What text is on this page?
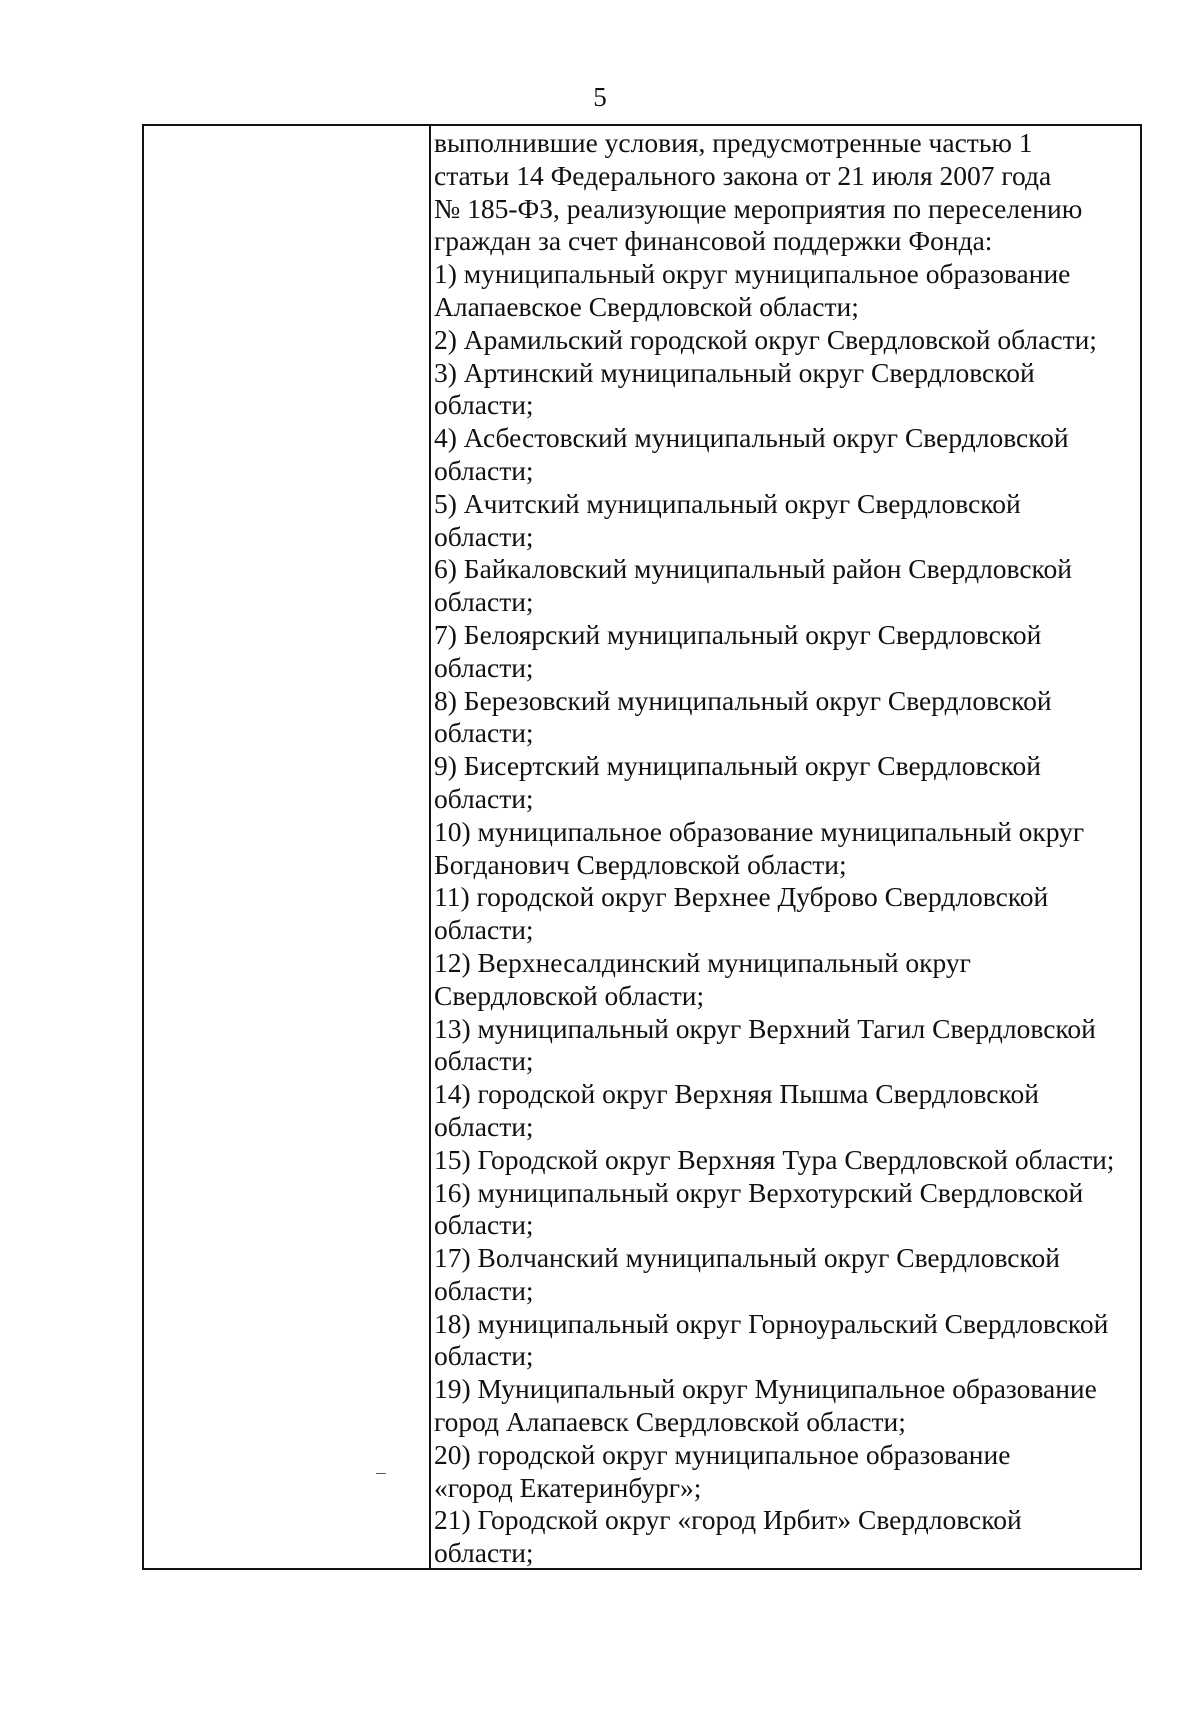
5
выполнившие условия, предусмотренные частью 1
статьи 14 Федерального закона от 21 июля 2007 года
№ 185-ФЗ, реализующие мероприятия по переселению
граждан за счет финансовой поддержки Фонда:
1) муниципальный округ муниципальное образование
Алапаевское Свердловской области;
2) Арамильский городской округ Свердловской области;
3) Артинский муниципальный округ Свердловской
области;
4) Асбестовский муниципальный округ Свердловской
области;
5) Ачитский муниципальный округ Свердловской
области;
6) Байкаловский муниципальный район Свердловской
области;
7) Белоярский муниципальный округ Свердловской
области;
8) Березовский муниципальный округ Свердловской
области;
9) Бисертский муниципальный округ Свердловской
области;
10) муниципальное образование муниципальный округ
Богданович Свердловской области;
11) городской округ Верхнее Дуброво Свердловской
области;
12) Верхнесалдинский муниципальный округ
Свердловской области;
13) муниципальный округ Верхний Тагил Свердловской
области;
14) городской округ Верхняя Пышма Свердловской
области;
15) Городской округ Верхняя Тура Свердловской области;
16) муниципальный округ Верхотурский Свердловской
области;
17) Волчанский муниципальный округ Свердловской
области;
18) муниципальный округ Горноуральский Свердловской
области;
19) Муниципальный округ Муниципальное образование
город Алапаевск Свердловской области;
20) городской округ муниципальное образование
«город Екатеринбург»;
21) Городской округ «город Ирбит» Свердловской
области;
